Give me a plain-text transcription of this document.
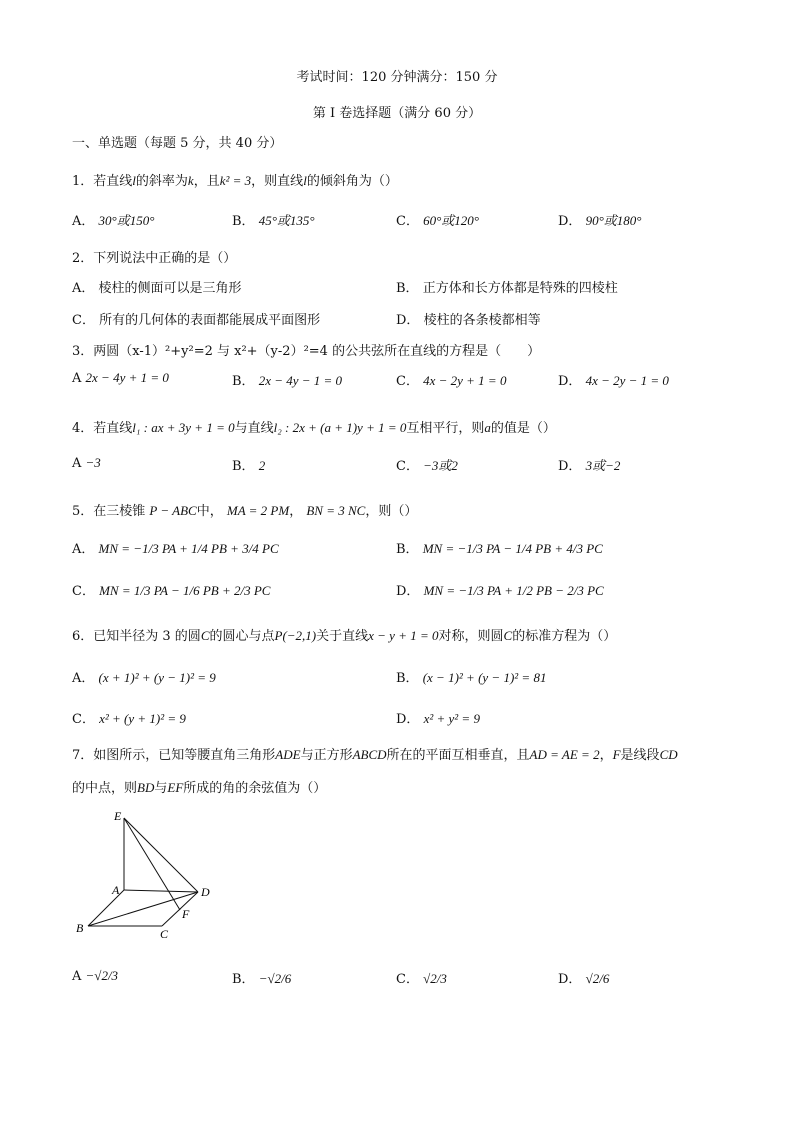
考试时间：120 分钟满分：150 分
第 I 卷选择题（满分 60 分）
一、单选题（每题 5 分，共 40 分）
1．若直线l的斜率为k，且k² = 3，则直线l的倾斜角为（）
A． 30°或150°	B． 45°或135°	C． 60°或120°	D． 90°或180°
2．下列说法中正确的是（）
A． 棱柱的侧面可以是三角形	B． 正方体和长方体都是特殊的四棱柱
C． 所有的几何体的表面都能展成平面图形	D． 棱柱的各条棱都相等
3．两圆（x-1）²+y²=2 与 x²+（y-2）²=4 的公共弦所在直线的方程是（　　）
A 2x − 4y + 1 = 0	B． 2x − 4y − 1 = 0	C． 4x − 2y + 1 = 0	D． 4x − 2y − 1 = 0
4．若直线l₁ : ax + 3y + 1 = 0与直线l₂ : 2x + (a + 1)y + 1 = 0互相平行，则a的值是（）
A −3	B． 2	C． −3或2	D． 3或−2
5．在三棱锥 P − ABC中， MA = 2 PM， BN = 3 NC，则（）
A． MN = −1/3 PA + 1/4 PB + 3/4 PC	B． MN = −1/3 PA − 1/4 PB + 4/3 PC
C． MN = 1/3 PA − 1/6 PB + 2/3 PC	D． MN = −1/3 PA + 1/2 PB − 2/3 PC
6．已知半径为 3 的圆C的圆心与点P(−2,1)关于直线x − y + 1 = 0对称，则圆C的标准方程为（）
A． (x + 1)² + (y − 1)² = 9	B． (x − 1)² + (y − 1)² = 81
C． x² + (y + 1)² = 9	D． x² + y² = 9
7．如图所示，已知等腰直角三角形ADE与正方形ABCD所在的平面互相垂直，且AD = AE = 2，F是线段CD
的中点，则BD与EF所成的角的余弦值为（）
E
A	D
F
B	C
A −√2/3	B． −√2/6	C． √2/3	D． √2/6
